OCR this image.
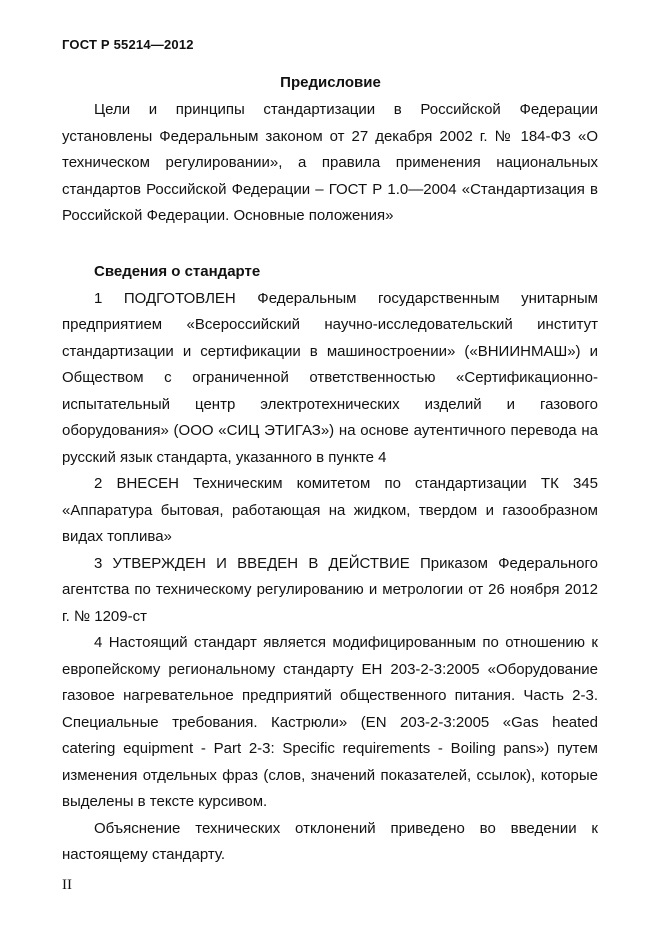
ГОСТ Р 55214—2012
Предисловие

Цели и принципы стандартизации в Российской Федерации установлены Федеральным законом от 27 декабря 2002 г. № 184-ФЗ «О техническом регулировании», а правила применения национальных стандартов Российской Федерации – ГОСТ Р 1.0—2004 «Стандартизация в Российской Федерации. Основные положения»

Сведения о стандарте

1 ПОДГОТОВЛЕН Федеральным государственным унитарным предприятием «Всероссийский научно-исследовательский институт стандартизации и сертификации в машиностроении» («ВНИИНМАШ») и Обществом с ограниченной ответственностью «Сертификационно-испытательный центр электротехнических изделий и газового оборудования» (ООО «СИЦ ЭТИГАЗ») на основе аутентичного перевода на русский язык стандарта, указанного в пункте 4

2 ВНЕСЕН Техническим комитетом по стандартизации ТК 345 «Аппаратура бытовая, работающая на жидком, твердом и газообразном видах топлива»

3 УТВЕРЖДЕН И ВВЕДЕН В ДЕЙСТВИЕ Приказом Федерального агентства по техническому регулированию и метрологии от 26 ноября 2012 г. № 1209-ст

4 Настоящий стандарт является модифицированным по отношению к европейскому региональному стандарту ЕН 203-2-3:2005 «Оборудование газовое нагревательное предприятий общественного питания. Часть 2-3. Специальные требования. Кастрюли» (EN 203-2-3:2005 «Gas heated catering equipment - Part 2-3: Specific requirements - Boiling pans») путем изменения отдельных фраз (слов, значений показателей, ссылок), которые выделены в тексте курсивом.

Объяснение технических отклонений приведено во введении к настоящему стандарту.

II
